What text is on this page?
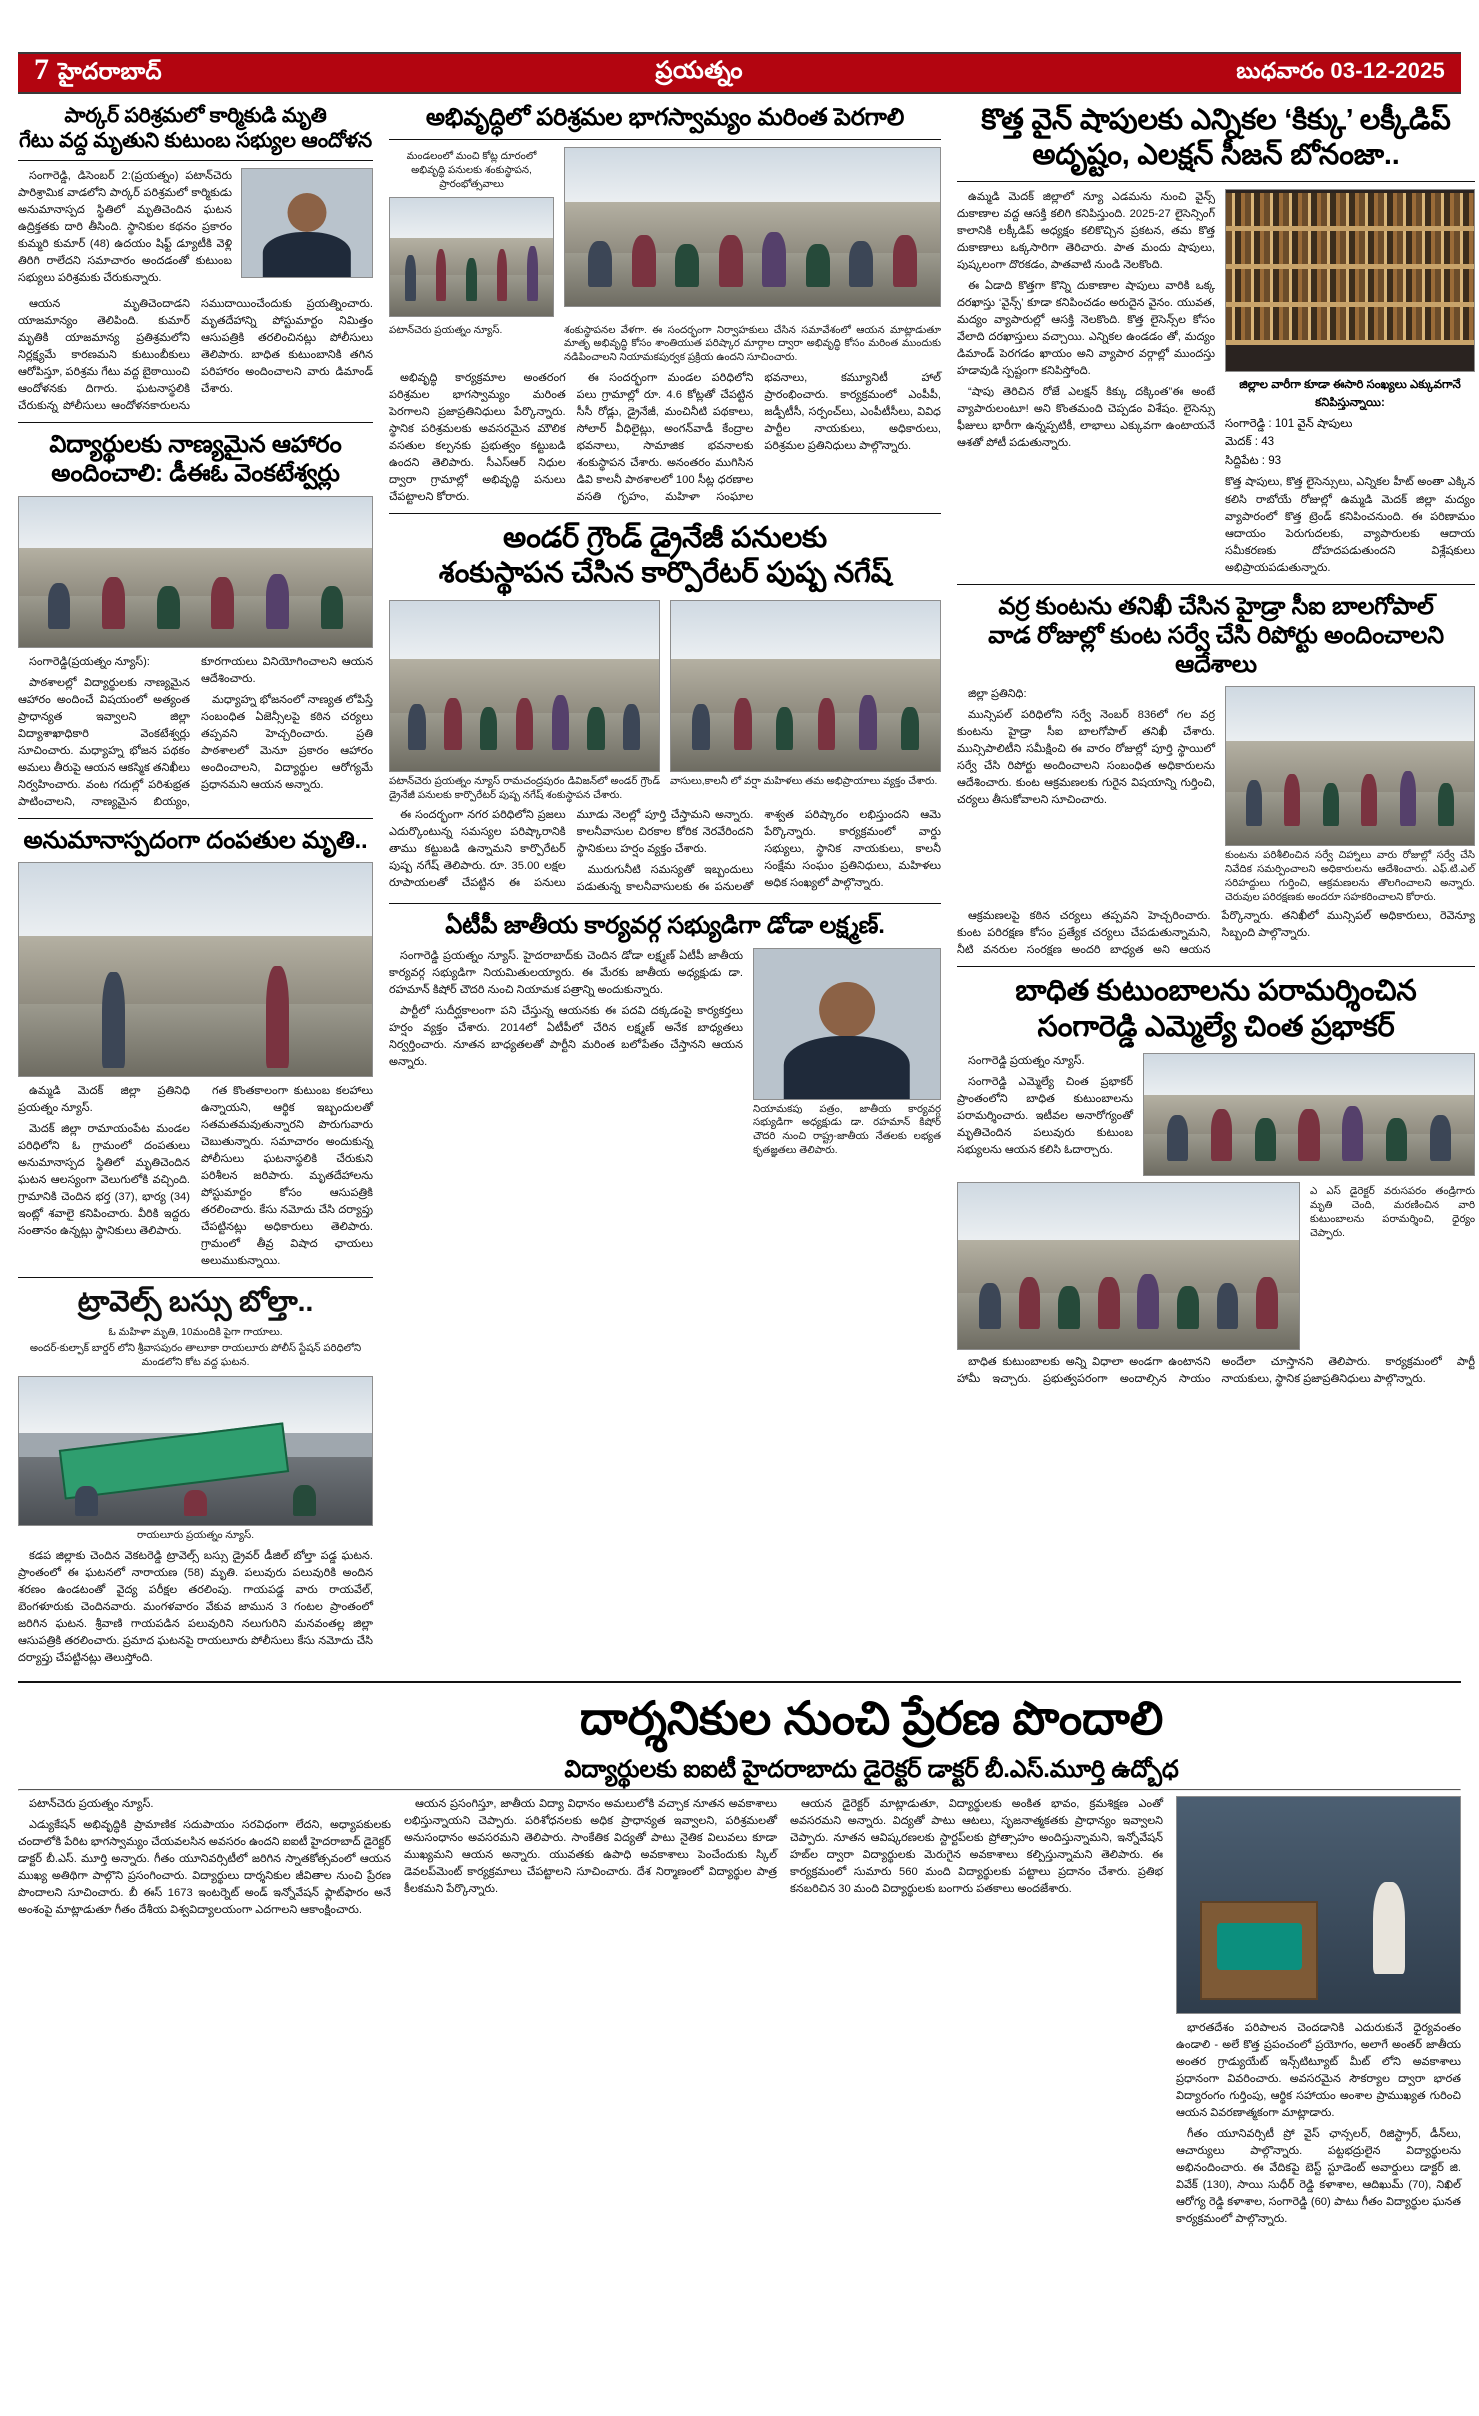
7 హైదరాబాద్	ప్రయత్నం	బుధవారం 03-12-2025
పార్కర్ పరిశ్రమలో కార్మికుడి మృతి
గేటు వద్ద మృతుని కుటుంబ సభ్యుల ఆందోళన

సంగారెడ్డి, డిసెంబర్ 2:(ప్రయత్నం) పటాన్‌చెరు పారిశ్రామిక వాడలోని పార్కర్ పరిశ్రమలో కార్మికుడు అనుమానాస్పద స్థితిలో మృతిచెందిన ఘటన ఉద్రిక్తతకు దారి తీసింది. స్థానికుల కథనం ప్రకారం కుమ్మరి కుమార్ (48) ఉదయం షిఫ్ట్ డ్యూటీకి వెళ్లి తిరిగి రాలేదని సమాచారం అందడంతో కుటుంబ సభ్యులు పరిశ్రమకు చేరుకున్నారు.

ఆయన మృతిచెందాడని యాజమాన్యం తెలిపింది. కుమార్ మృతికి యాజమాన్య ప్రతిశ్రమలోని నిర్లక్ష్యమే కారణమని కుటుంబీకులు ఆరోపిస్తూ, పరిశ్రమ గేటు వద్ద బైఠాయించి ఆందోళనకు దిగారు. ఘటనాస్థలికి చేరుకున్న పోలీసులు ఆందోళనకారులను సముదాయించేందుకు ప్రయత్నించారు. మృతదేహాన్ని పోస్టుమార్టం నిమిత్తం ఆసుపత్రికి తరలించినట్లు పోలీసులు తెలిపారు. బాధిత కుటుంబానికి తగిన పరిహారం అందించాలని వారు డిమాండ్ చేశారు.

విద్యార్థులకు నాణ్యమైన ఆహారం
అందించాలి: డీఈఓ వెంకటేశ్వర్లు

సంగారెడ్డి(ప్రయత్నం న్యూస్):

పాఠశాలల్లో విద్యార్థులకు నాణ్యమైన ఆహారం అందించే విషయంలో అత్యంత ప్రాధాన్యత ఇవ్వాలని జిల్లా విద్యాశాఖాధికారి వెంకటేశ్వర్లు సూచించారు. మధ్యాహ్న భోజన పథకం అమలు తీరుపై ఆయన ఆకస్మిక తనిఖీలు నిర్వహించారు. వంట గదుల్లో పరిశుభ్రత పాటించాలని, నాణ్యమైన బియ్యం, కూరగాయలు వినియోగించాలని ఆయన ఆదేశించారు.

మధ్యాహ్న భోజనంలో నాణ్యత లోపిస్తే సంబంధిత ఏజెన్సీలపై కఠిన చర్యలు తప్పవని హెచ్చరించారు. ప్రతి పాఠశాలలో మెనూ ప్రకారం ఆహారం అందించాలని, విద్యార్థుల ఆరోగ్యమే ప్రధానమని ఆయన అన్నారు.

అనుమానాస్పదంగా దంపతుల మృతి..

ఉమ్మడి మెదక్ జిల్లా ప్రతినిధి ప్రయత్నం న్యూస్.

మెదక్ జిల్లా రామాయంపేట మండల పరిధిలోని ఓ గ్రామంలో దంపతులు అనుమానాస్పద స్థితిలో మృతిచెందిన ఘటన ఆలస్యంగా వెలుగులోకి వచ్చింది. గ్రామానికి చెందిన భర్త (37), భార్య (34) ఇంట్లో శవాలై కనిపించారు. వీరికి ఇద్దరు సంతానం ఉన్నట్లు స్థానికులు తెలిపారు.

గత కొంతకాలంగా కుటుంబ కలహాలు ఉన్నాయని, ఆర్థిక ఇబ్బందులతో సతమతమవుతున్నారని పొరుగువారు చెబుతున్నారు. సమాచారం అందుకున్న పోలీసులు ఘటనాస్థలికి చేరుకుని పరిశీలన జరిపారు. మృతదేహాలను పోస్టుమార్టం కోసం ఆసుపత్రికి తరలించారు. కేసు నమోదు చేసి దర్యాప్తు చేపట్టినట్లు అధికారులు తెలిపారు. గ్రామంలో తీవ్ర విషాద ఛాయలు అలుముకున్నాయి.

ట్రావెల్స్ బస్సు బోల్తా..
ఓ మహిళా మృతి, 10మందికి పైగా గాయాలు.
అంద‌ర్‌-కుల్పాక్ బార్డర్ లోని శ్రీవాసపురం తాలూకా రాయలూరు పోలీస్ స్టేషన్ పరిధిలోని మండలోని కోట వద్ద ఘటన.
రాయలూరు ప్రయత్నం న్యూస్.

కడప జిల్లాకు చెందిన వెకటరెడ్డి ట్రావెల్స్ బస్సు డ్రైవర్ డీజిల్ బోల్తా పడ్డ ఘటన. ప్రాంతంలో ఈ ఘటనలో నారాయణ (58) మృతి. పలువురు పలువురికి అందిన శరణం ఉండటంతో వైద్య పరీక్షల తరలింపు. గాయపడ్డ వారు రాయవేల్, బెంగళూరుకు చెందినవారు. మంగళవారం వేకువ జామున 3 గంటల ప్రాంతంలో జరిగిన ఘటన. శ్రీవాణి గాయపడిన పలువురిని నలుగురిని మనవంతల్ల జిల్లా ఆసుపత్రికి తరలించారు. ప్రమాద ఘటనపై రాయలూరు పోలీసులు కేసు నమోదు చేసి దర్యాప్తు చేపట్టినట్లు తెలుస్తోంది.

అభివృద్ధిలో పరిశ్రమల భాగస్వామ్యం మరింత పెరగాలి
మండలంలో మంచి కోట్ల దూరంలో అభివృద్ధి పనులకు శంకుస్థాపన, ప్రారంభోత్సవాలు
పటాన్‌చెరు ప్రయత్నం న్యూస్.	శంకుస్థాపనల వేళగా. ఈ సందర్భంగా నిర్వాహకులు చేసిన సమావేశంలో ఆయన మాట్లాడుతూ మాతృ అభివృద్ధి కోసం శాంతియుత పరిష్కార మార్గాల ద్వారా అభివృద్ధి కోసం మరింత ముందుకు నడిపించాలని నియామకపుర్వక ప్రక్రియ ఉందని సూచించారు.

అభివృద్ధి కార్యక్రమాల అంతరంగ పరిశ్రమల భాగస్వామ్యం మరింత పెరగాలని ప్రజాప్రతినిధులు పేర్కొన్నారు. స్థానిక పరిశ్రమలకు అవసరమైన మౌలిక వసతుల కల్పనకు ప్రభుత్వం కట్టుబడి ఉందని తెలిపారు. సీఎస్ఆర్ నిధుల ద్వారా గ్రామాల్లో అభివృద్ధి పనులు చేపట్టాలని కోరారు.

ఈ సందర్భంగా మండల పరిధిలోని పలు గ్రామాల్లో రూ. 4.6 కోట్లతో చేపట్టిన సీసీ రోడ్లు, డ్రైనేజీ, మంచినీటి పథకాలు, సోలార్ వీధిలైట్లు, అంగన్‌వాడీ కేంద్రాల భవనాలు, సామాజిక భవనాలకు శంకుస్థాపన చేశారు. అనంతరం ముగిసిన డివి కాలనీ పాఠశాలలో 100 సీట్ల ధరణాల వసతి గృహం, మహిళా సంఘాల భవనాలు, కమ్యూనిటీ హాల్ ప్రారంభించారు. కార్యక్రమంలో ఎంపీపీ, జడ్పీటీసీ, సర్పంచ్‌లు, ఎంపీటీసీలు, వివిధ పార్టీల నాయకులు, అధికారులు, పరిశ్రమల ప్రతినిధులు పాల్గొన్నారు.

అండర్ గ్రౌండ్ డ్రైనేజీ పనులకు
శంకుస్థాపన చేసిన కార్పొరేటర్ పుష్ప నగేష్
పటాన్‌చెరు ప్రయత్నం న్యూస్ రామచంద్రపురం డివిజన్‌లో అండర్ గ్రౌండ్ డ్రైనేజీ పనులకు కార్పొరేటర్ పుష్ప నగేష్ శంకుస్థాపన చేశారు.
వాసులు,కాలనీ లో వర్షా మహిళలు తమ అభిప్రాయాలు వ్యక్తం చేశారు.

ఈ సందర్భంగా నగర పరిధిలోని ప్రజలు ఎదుర్కొంటున్న సమస్యల పరిష్కారానికి తాము కట్టుబడి ఉన్నామని కార్పొరేటర్ పుష్ప నగేష్ తెలిపారు. రూ. 35.00 లక్షల రూపాయలతో చేపట్టిన ఈ పనులు మూడు నెలల్లో పూర్తి చేస్తామని అన్నారు. కాలనీవాసుల చిరకాల కోరిక నెరవేరిందని స్థానికులు హర్షం వ్యక్తం చేశారు.

మురుగునీటి సమస్యతో ఇబ్బందులు పడుతున్న కాలనీవాసులకు ఈ పనులతో శాశ్వత పరిష్కారం లభిస్తుందని ఆమె పేర్కొన్నారు. కార్యక్రమంలో వార్డు సభ్యులు, స్థానిక నాయకులు, కాలనీ సంక్షేమ సంఘం ప్రతినిధులు, మహిళలు అధిక సంఖ్యలో పాల్గొన్నారు.

ఏటీపీ జాతీయ కార్యవర్గ సభ్యుడిగా డోడా లక్ష్మణ్.

సంగారెడ్డి ప్రయత్నం న్యూస్. హైదరాబాద్‌కు చెందిన డోడా లక్ష్మణ్ ఏటీపీ జాతీయ కార్యవర్గ సభ్యుడిగా నియమితులయ్యారు. ఈ మేరకు జాతీయ అధ్యక్షుడు డా. రహమాన్ కిషోర్ చౌదరి నుంచి నియామక పత్రాన్ని అందుకున్నారు.

పార్టీలో సుదీర్ఘకాలంగా పని చేస్తున్న ఆయనకు ఈ పదవి దక్కడంపై కార్యకర్తలు హర్షం వ్యక్తం చేశారు. 2014లో ఏటీపీలో చేరిన లక్ష్మణ్ అనేక బాధ్యతలు నిర్వర్తించారు. నూతన బాధ్యతలతో పార్టీని మరింత బలోపేతం చేస్తానని ఆయన అన్నారు.

నియామకపు పత్రం, జాతీయ కార్యవర్గ సభ్యుడిగా అధ్యక్షుడు డా. రహమాన్ కిషోర్ చౌదరి నుంచి రాష్ట్ర-జాతీయ నేతలకు లభ్యత కృతజ్ఞతలు తెలిపారు.
కొత్త వైన్ షాపులకు ఎన్నికల ‘కిక్కు’ లక్కీడిప్
అదృష్టం, ఎలక్షన్ సీజన్ బోనంజా..

ఉమ్మడి మెదక్ జిల్లాలో న్యూ ఎడమను నుంచి వైన్స్ దుకాణాల వద్ద ఆసక్తి కలిగి కనిపిస్తుంది. 2025-27 లైసెన్సింగ్ కాలానికి లక్కీడిప్ అధ్యక్షం కలికొచ్చిన ప్రకటన, తమ కొత్త దుకాణాలు ఒక్కసారిగా తెరిచారు. పాత మందు షాపులు, పుష్కలంగా దొరకడం, పాతవాటి నుండి నెలకొంది.

ఈ ఏడాది కొత్తగా కొన్ని దుకాణాల షాపులు వారికి ఒక్క దరఖాస్తు ‘వైన్స్’ కూడా కనిపించడం అరుదైన వైనం. యువత, మద్యం వ్యాపారుల్లో ఆసక్తి నెలకొంది. కొత్త లైసెన్స్‌ల కోసం వేలాది దరఖాస్తులు వచ్చాయి. ఎన్నికల ఉండడం తో, మద్యం డిమాండ్ పెరగడం ఖాయం అని వ్యాపార వర్గాల్లో ముందస్తు హడావుడి స్పష్టంగా కనిపిస్తోంది.

“షాపు తెరిచిన రోజే ఎలక్షన్ కిక్కు దక్కింత”ఈ అంటే వ్యాపారులంటూ! అని కొంతమంది చెప్పడం విశేషం. లైసెన్సు ఫీజులు భారీగా ఉన్నప్పటికీ, లాభాలు ఎక్కువగా ఉంటాయనే ఆశతో పోటీ పడుతున్నారు.

జిల్లాల వారీగా కూడా ఈసారి సంఖ్యలు ఎక్కువగానే కనిపిస్తున్నాయి:
సంగారెడ్డి : 101 వైన్ షాపులు
మెదక్ : 43
సిద్దిపేట : 93
కొత్త షాపులు, కొత్త లైసెన్సులు, ఎన్నికల హీట్ అంతా ఎక్కిన కలిసి రాబోయే రోజుల్లో ఉమ్మడి మెదక్ జిల్లా మద్యం వ్యాపారంలో కొత్త ట్రెండ్ కనిపించనుంది. ఈ పరిణామం ఆదాయం పెరుగుదలకు, వ్యాపారులకు ఆదాయ సమీకరణకు దోహదపడుతుందని విశ్లేషకులు అభిప్రాయపడుతున్నారు.
వర్ర కుంటను తనిఖీ చేసిన హైడ్రా సీఐ బాలగోపాల్
వాడ రోజుల్లో కుంట సర్వే చేసి రిపోర్టు అందించాలని ఆదేశాలు

జిల్లా ప్రతినిధి:

మున్సిపల్ పరిధిలోని సర్వే నెంబర్ 836లో గల వర్ర కుంటను హైడ్రా సీఐ బాలగోపాల్ తనిఖీ చేశారు. మున్సిపాలిటీని సమీక్షించి ఈ వారం రోజుల్లో పూర్తి స్థాయిలో సర్వే చేసి రిపోర్టు అందించాలని సంబంధిత అధికారులను ఆదేశించారు. కుంట ఆక్రమణలకు గురైన విషయాన్ని గుర్తించి, చర్యలు తీసుకోవాలని సూచించారు.

కుంటను పరిశీలించిన సర్వే చిహ్నాలు వారు రోజుల్లో సర్వే చేసి నివేదిక సమర్పించాలని అధికారులను ఆదేశించారు. ఎఫ్.టి.ఎల్ సరిహద్దులు గుర్తించి, ఆక్రమణలను తొలగించాలని అన్నారు. చెరువుల పరిరక్షణకు అందరూ సహకరించాలని కోరారు.

ఆక్రమణలపై కఠిన చర్యలు తప్పవని హెచ్చరించారు. కుంట పరిరక్షణ కోసం ప్రత్యేక చర్యలు చేపడుతున్నామని, నీటి వనరుల సంరక్షణ అందరి బాధ్యత అని ఆయన పేర్కొన్నారు. తనిఖీలో మున్సిపల్ అధికారులు, రెవెన్యూ సిబ్బంది పాల్గొన్నారు.

బాధిత కుటుంబాలను పరామర్శించిన
సంగారెడ్డి ఎమ్మెల్యే చింత ప్రభాకర్

సంగారెడ్డి ప్రయత్నం న్యూస్.

సంగారెడ్డి ఎమ్మెల్యే చింత ప్రభాకర్ ప్రాంతంలోని బాధిత కుటుంబాలను పరామర్శించారు. ఇటీవల అనారోగ్యంతో మృతిచెందిన పలువురు కుటుంబ సభ్యులను ఆయన కలిసి ఓదార్చారు.

ఎ ఎస్ డైరెక్టర్ వరుసపరం తండ్రిగారు మృతి చెంది, మరణించిన వారి కుటుంబాలను పరామర్శించి, ధైర్యం చెప్పారు.

బాధిత కుటుంబాలకు అన్ని విధాలా అండగా ఉంటానని హామీ ఇచ్చారు. ప్రభుత్వపరంగా అందాల్సిన సాయం అందేలా చూస్తానని తెలిపారు. కార్యక్రమంలో పార్టీ నాయకులు, స్థానిక ప్రజాప్రతినిధులు పాల్గొన్నారు.

దార్శనికుల నుంచి ప్రేరణ పొందాలి
విద్యార్థులకు ఐఐటీ హైదరాబాదు డైరెక్టర్ డాక్టర్ బీ.ఎస్.మూర్తి ఉద్బోధ

పటాన్‌చెరు ప్రయత్నం న్యూస్.

ఎడ్యుకేషన్ అభివృద్ధికి ప్రామాణిక సదుపాయం సరవిధంగా లేదని, అధ్యాపకులకు చందాలోకి పేరిట భాగస్వామ్యం చేయవలసిన అవసరం ఉందని ఐఐటీ హైదరాబాద్ డైరెక్టర్ డాక్టర్ బీ.ఎస్. మూర్తి అన్నారు. గీతం యూనివర్సిటీలో జరిగిన స్నాతకోత్సవంలో ఆయన ముఖ్య అతిథిగా పాల్గొని ప్రసంగించారు. విద్యార్థులు దార్శనికుల జీవితాల నుంచి ప్రేరణ పొందాలని సూచించారు. బీ ఈస్ 1673 ఇంటర్నెట్ అండ్ ఇన్నోవేషన్ ఫ్లాట్‌ఫారం అనే అంశంపై మాట్లాడుతూ గీతం దేశీయ విశ్వవిద్యాలయంగా ఎదగాలని ఆకాంక్షించారు.

ఆయన ప్రసంగిస్తూ, జాతీయ విద్యా విధానం అమలులోకి వచ్చాక నూతన అవకాశాలు లభిస్తున్నాయని చెప్పారు. పరిశోధనలకు అధిక ప్రాధాన్యత ఇవ్వాలని, పరిశ్రమలతో అనుసంధానం అవసరమని తెలిపారు. సాంకేతిక విద్యతో పాటు నైతిక విలువలు కూడా ముఖ్యమని ఆయన అన్నారు. యువతకు ఉపాధి అవకాశాలు పెంచేందుకు స్కిల్ డెవలప్‌మెంట్ కార్యక్రమాలు చేపట్టాలని సూచించారు. దేశ నిర్మాణంలో విద్యార్థుల పాత్ర కీలకమని పేర్కొన్నారు.

ఆయన డైరెక్టర్ మాట్లాడుతూ, విద్యార్థులకు అంకిత భావం, క్రమశిక్షణ ఎంతో అవసరమని అన్నారు. విద్యతో పాటు ఆటలు, సృజనాత్మకతకు ప్రాధాన్యం ఇవ్వాలని చెప్పారు. నూతన ఆవిష్కరణలకు స్టార్టప్‌లకు ప్రోత్సాహం అందిస్తున్నామని, ఇన్నోవేషన్ హబ్‌ల ద్వారా విద్యార్థులకు మెరుగైన అవకాశాలు కల్పిస్తున్నామని తెలిపారు. ఈ కార్యక్రమంలో సుమారు 560 మంది విద్యార్థులకు పట్టాలు ప్రదానం చేశారు. ప్రతిభ కనబరిచిన 30 మంది విద్యార్థులకు బంగారు పతకాలు అందజేశారు.

భారతదేశం పరిపాలన చెందడానికి ఎదురుకునే ధైర్యవంతం ఉండాలి - అలే కొత్త ప్రపంచంలో ప్రయోగం, అలాగే అంతర్ జాతీయ అంతర గ్రాడ్యుయేట్ ఇన్స్‌టిట్యూట్ మీట్ లోని అవకాశాలు ప్రధానంగా వివరించారు. అవసరమైన సౌకర్యాల ద్వారా భారత విద్యారంగం గుర్తింపు, ఆర్థిక సహాయం అంశాల ప్రాముఖ్యత గురించి ఆయన వివరణాత్మకంగా మాట్లాడారు.

గీతం యూనివర్సిటీ ప్రో వైస్ ఛాన్సలర్, రిజిస్ట్రార్, డీన్‌లు, ఆచార్యులు పాల్గొన్నారు. పట్టభద్రులైన విద్యార్థులను అభినందించారు. ఈ వేదికపై బెస్ట్ స్టూడెంట్ అవార్డులు డాక్టర్ జి. వివేక్ (130), సాయి సుధీర్ రెడ్డి కళాశాల, ఆదిఖుమ్ (70), నిఖిల్ ఆరోగ్య రెడ్డి కళాశాల, సంగారెడ్డి (60) పాటు గీతం విద్యార్థుల ఘనత కార్యక్రమంలో పాల్గొన్నారు.
